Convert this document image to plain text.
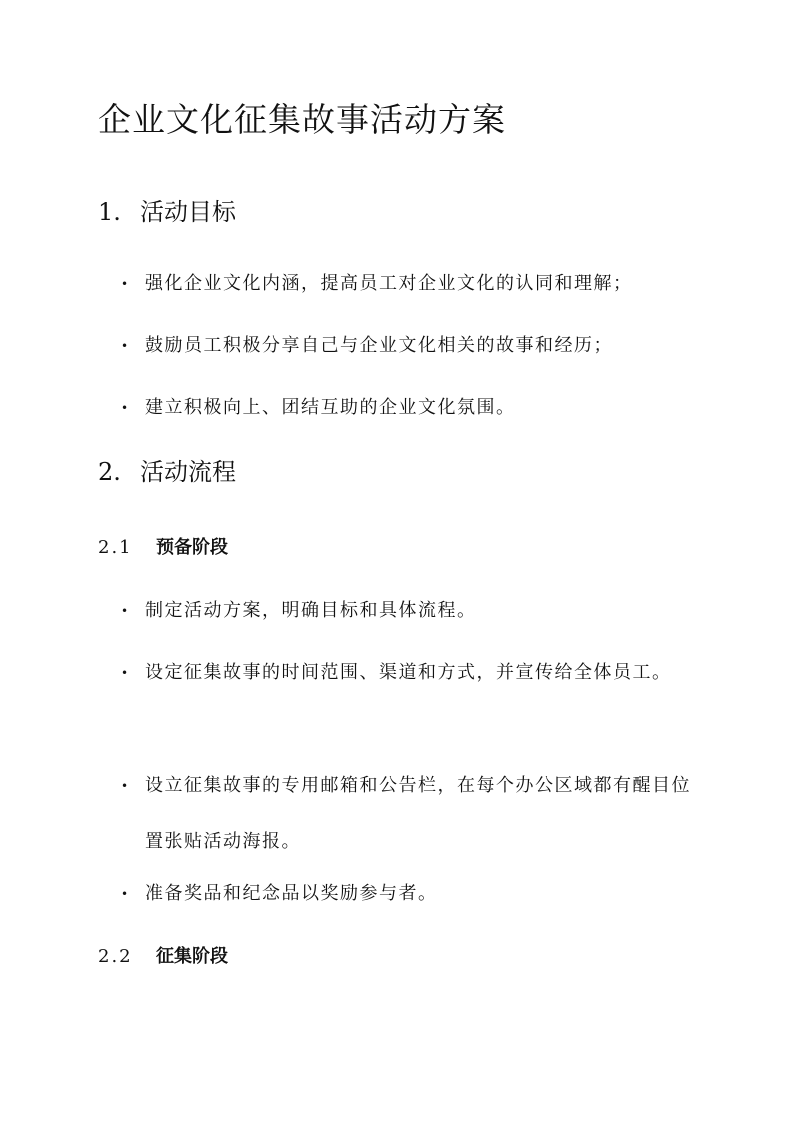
企业文化征集故事活动方案
1. 活动目标
• 强化企业文化内涵，提高员工对企业文化的认同和理解；
• 鼓励员工积极分享自己与企业文化相关的故事和经历；
• 建立积极向上、团结互助的企业文化氛围。
2. 活动流程
2.1 预备阶段
• 制定活动方案，明确目标和具体流程。
• 设定征集故事的时间范围、渠道和方式，并宣传给全体员工。
• 设立征集故事的专用邮箱和公告栏，在每个办公区域都有醒目位置张贴活动海报。
• 准备奖品和纪念品以奖励参与者。
2.2 征集阶段
